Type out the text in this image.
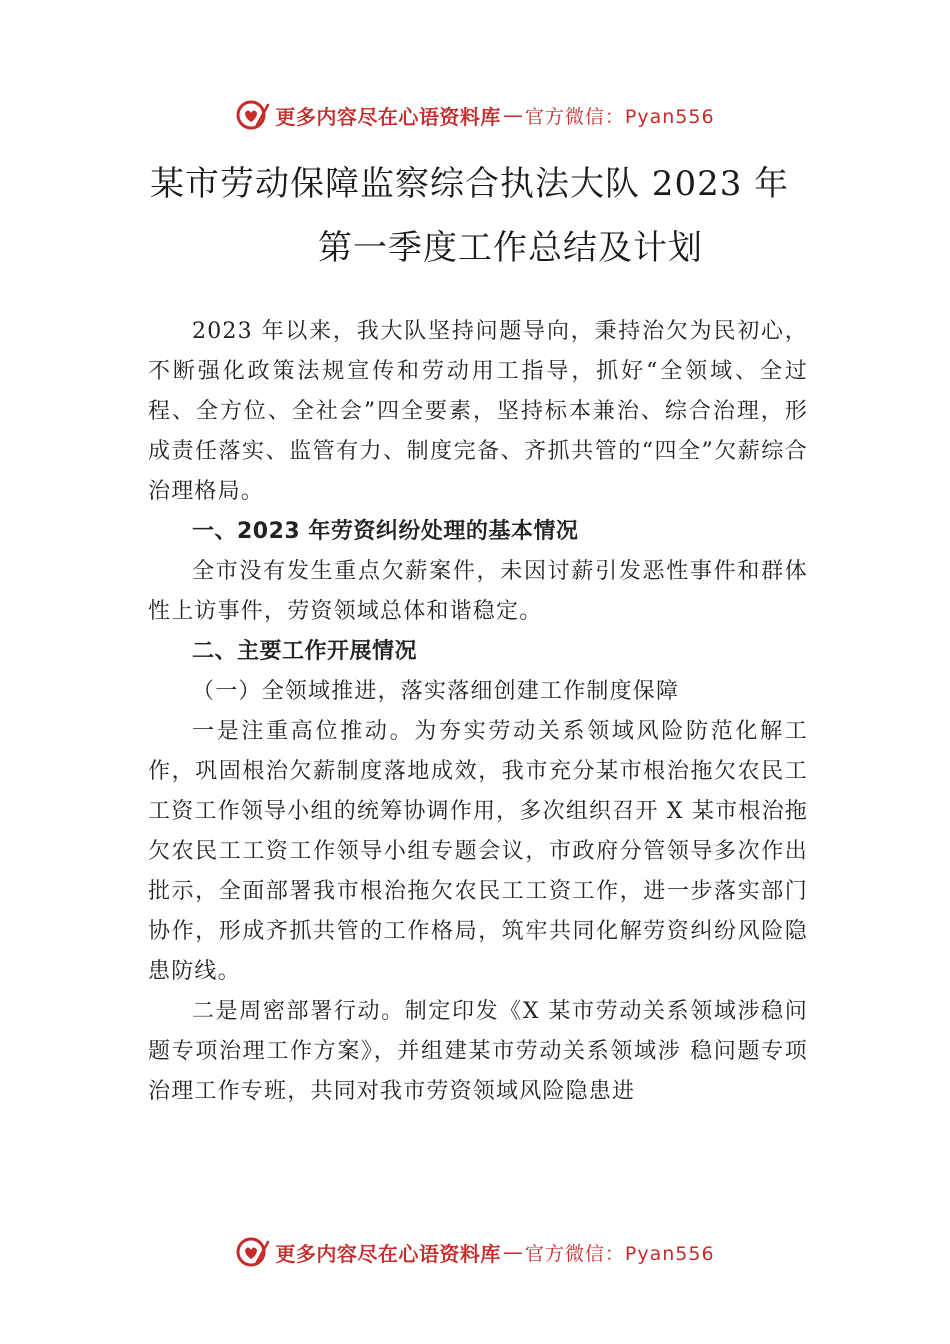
更多内容尽在心语资料库 — 官方微信：Pyan556
某市劳动保障监察综合执法大队 2023 年
第一季度工作总结及计划

2023 年以来，我大队坚持问题导向，秉持治欠为民初心，不断强化政策法规宣传和劳动用工指导，抓好“全领域、全过程、全方位、全社会”四全要素，坚持标本兼治、综合治理，形成责任落实、监管有力、制度完备、齐抓共管的“四全”欠薪综合治理格局。

一、2023 年劳资纠纷处理的基本情况

全市没有发生重点欠薪案件，未因讨薪引发恶性事件和群体性上访事件，劳资领域总体和谐稳定。

二、主要工作开展情况

（一）全领域推进，落实落细创建工作制度保障

一是注重高位推动。为夯实劳动关系领域风险防范化解工作，巩固根治欠薪制度落地成效，我市充分某市根治拖欠农民工工资工作领导小组的统筹协调作用，多次组织召开 X 某市根治拖欠农民工工资工作领导小组专题会议，市政府分管领导多次作出批示，全面部署我市根治拖欠农民工工资工作，进一步落实部门协作，形成齐抓共管的工作格局，筑牢共同化解劳资纠纷风险隐患防线。

二是周密部署行动。制定印发《X 某市劳动关系领域涉稳问题专项治理工作方案》，并组建某市劳动关系领域涉 稳问题专项治理工作专班，共同对我市劳资领域风险隐患进

更多内容尽在心语资料库 — 官方微信：Pyan556
